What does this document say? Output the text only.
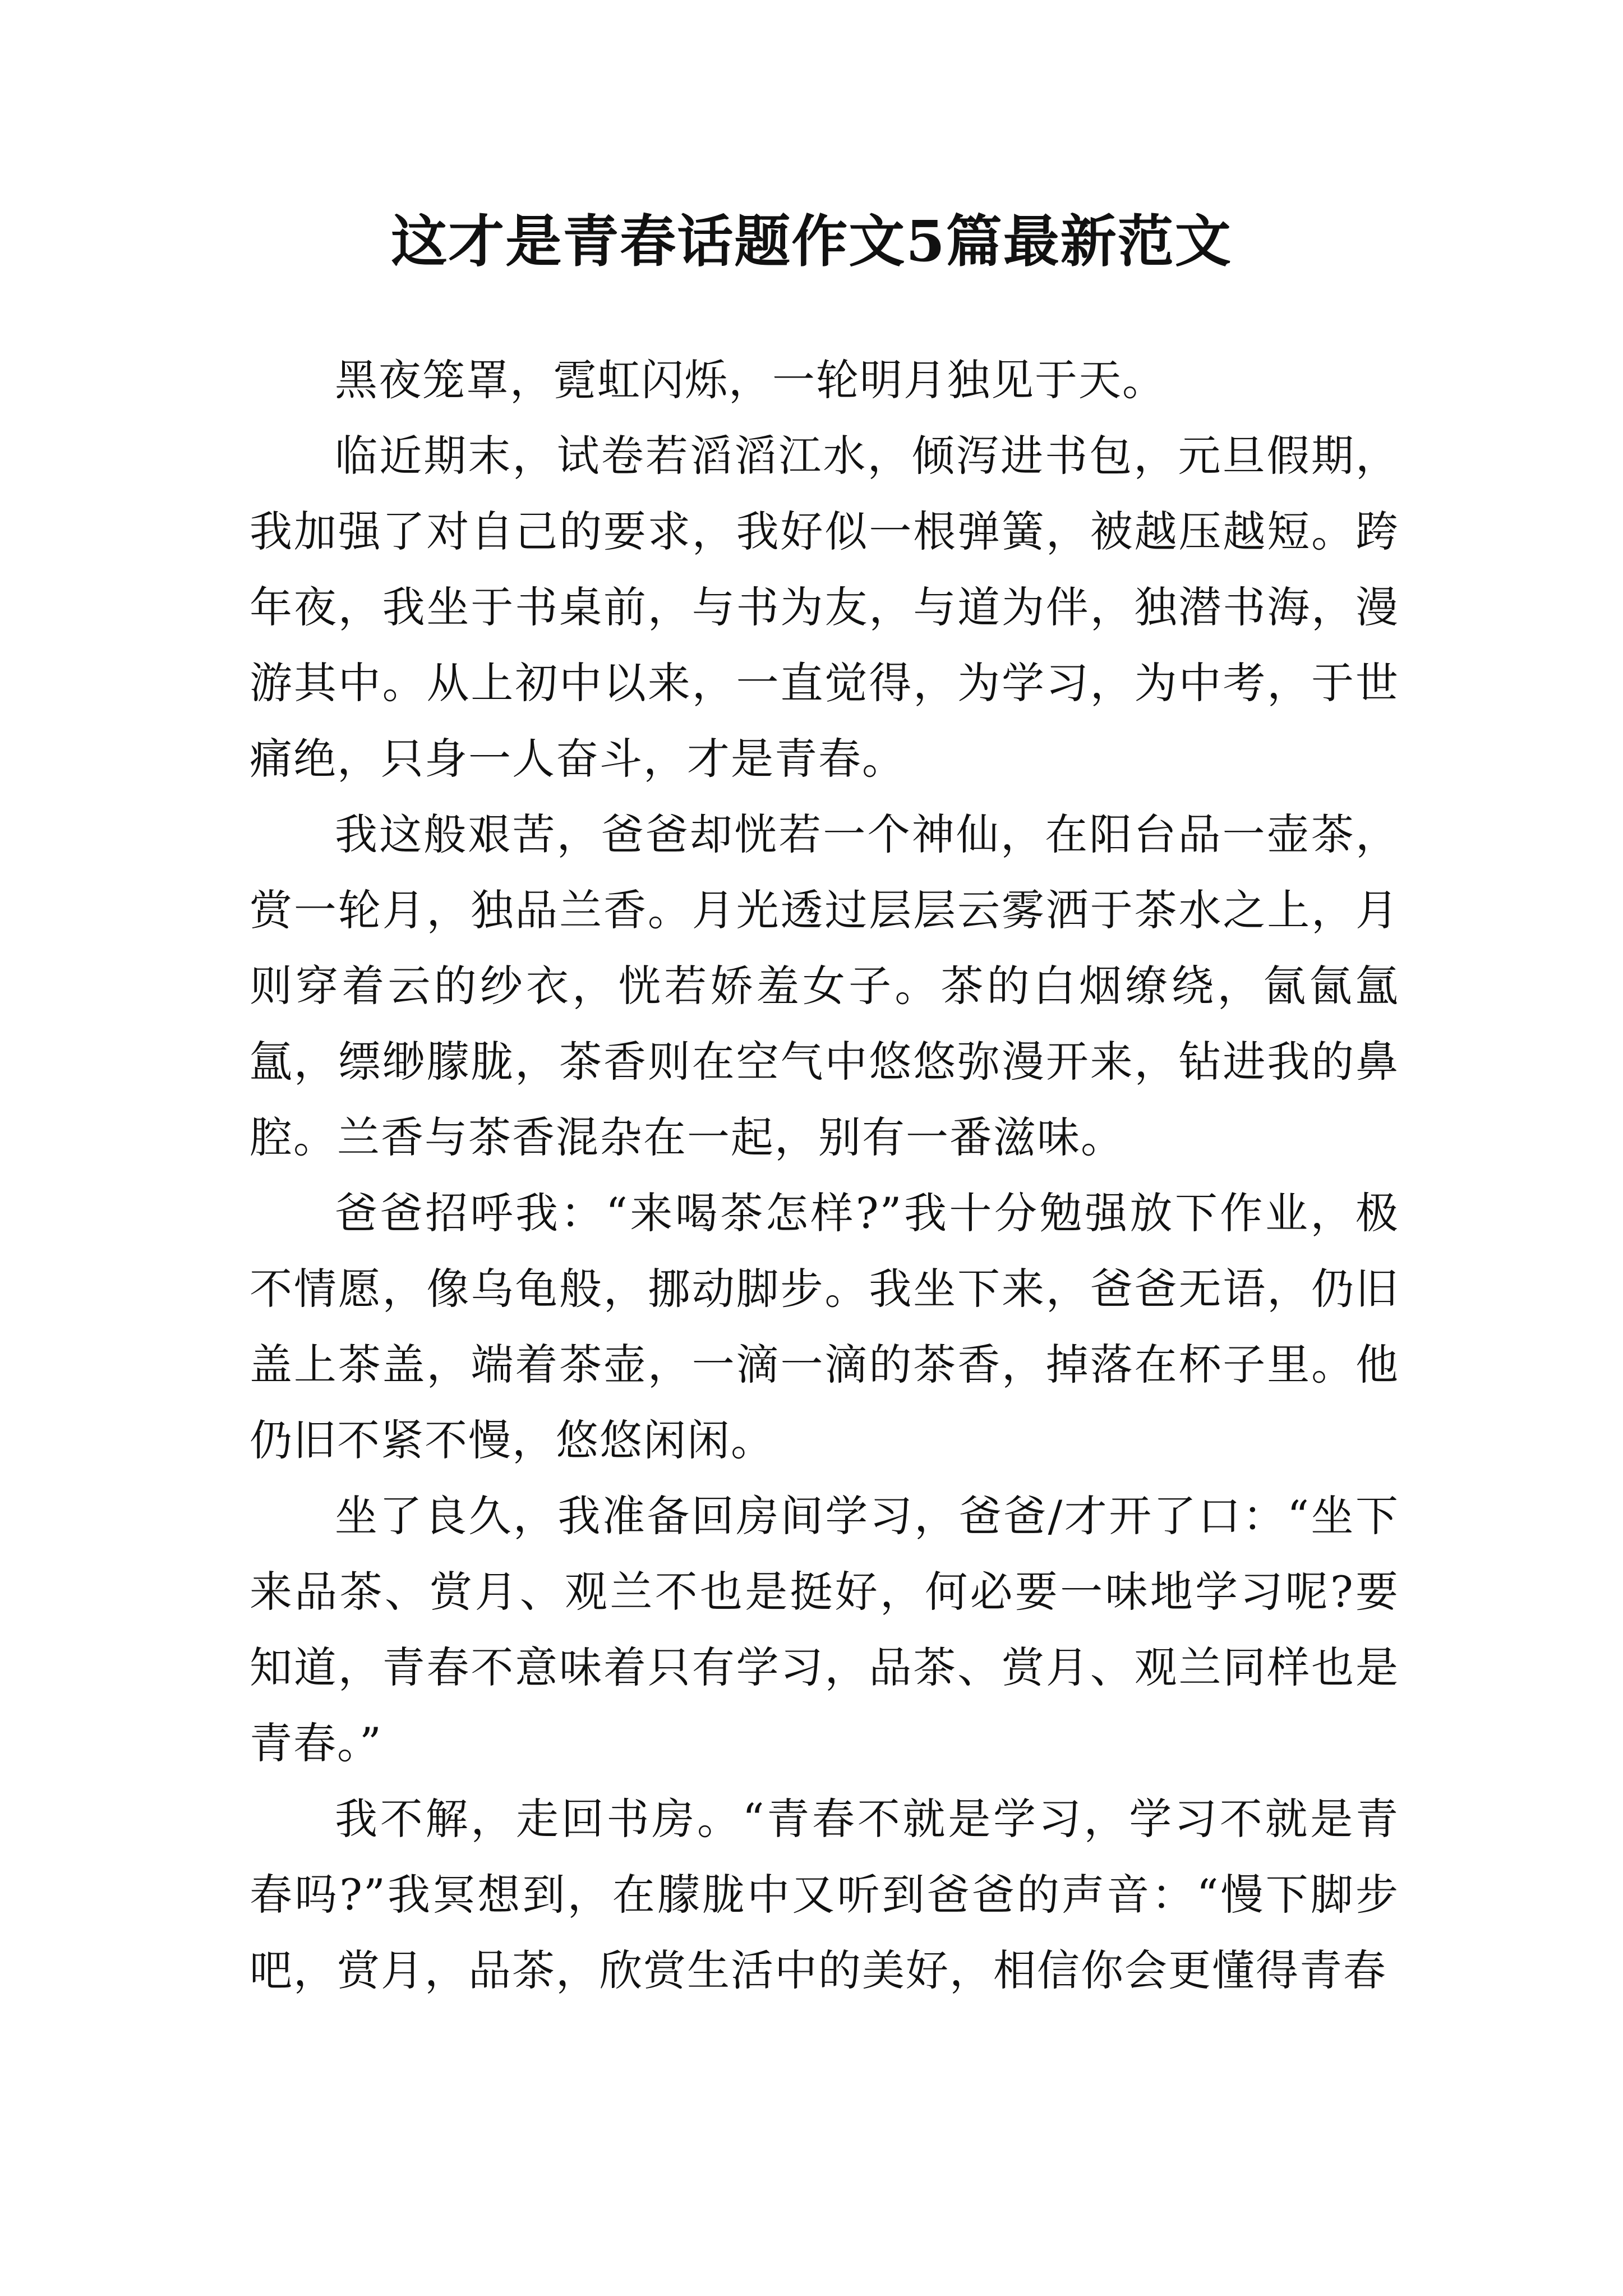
这才是青春话题作文5篇最新范文

黑夜笼罩，霓虹闪烁，一轮明月独见于天。

临近期末，试卷若滔滔江水，倾泻进书包，元旦假期，我加强了对自己的要求，我好似一根弹簧，被越压越短。跨年夜，我坐于书桌前，与书为友，与道为伴，独潜书海，漫游其中。从上初中以来，一直觉得，为学习，为中考，于世痛绝，只身一人奋斗，才是青春。

我这般艰苦，爸爸却恍若一个神仙，在阳台品一壶茶，赏一轮月，独品兰香。月光透过层层云雾洒于茶水之上，月则穿着云的纱衣，恍若娇羞女子。茶的白烟缭绕，氤氤氲氲，缥缈朦胧，茶香则在空气中悠悠弥漫开来，钻进我的鼻腔。兰香与茶香混杂在一起，别有一番滋味。

爸爸招呼我：“来喝茶怎样?”我十分勉强放下作业，极不情愿，像乌龟般，挪动脚步。我坐下来，爸爸无语，仍旧盖上茶盖，端着茶壶，一滴一滴的茶香，掉落在杯子里。他仍旧不紧不慢，悠悠闲闲。

坐了良久，我准备回房间学习，爸爸/才开了口：“坐下来品茶、赏月、观兰不也是挺好，何必要一味地学习呢?要知道，青春不意味着只有学习，品茶、赏月、观兰同样也是青春。”

我不解，走回书房。“青春不就是学习，学习不就是青春吗?”我冥想到，在朦胧中又听到爸爸的声音：“慢下脚步吧，赏月，品茶，欣赏生活中的美好，相信你会更懂得青春
